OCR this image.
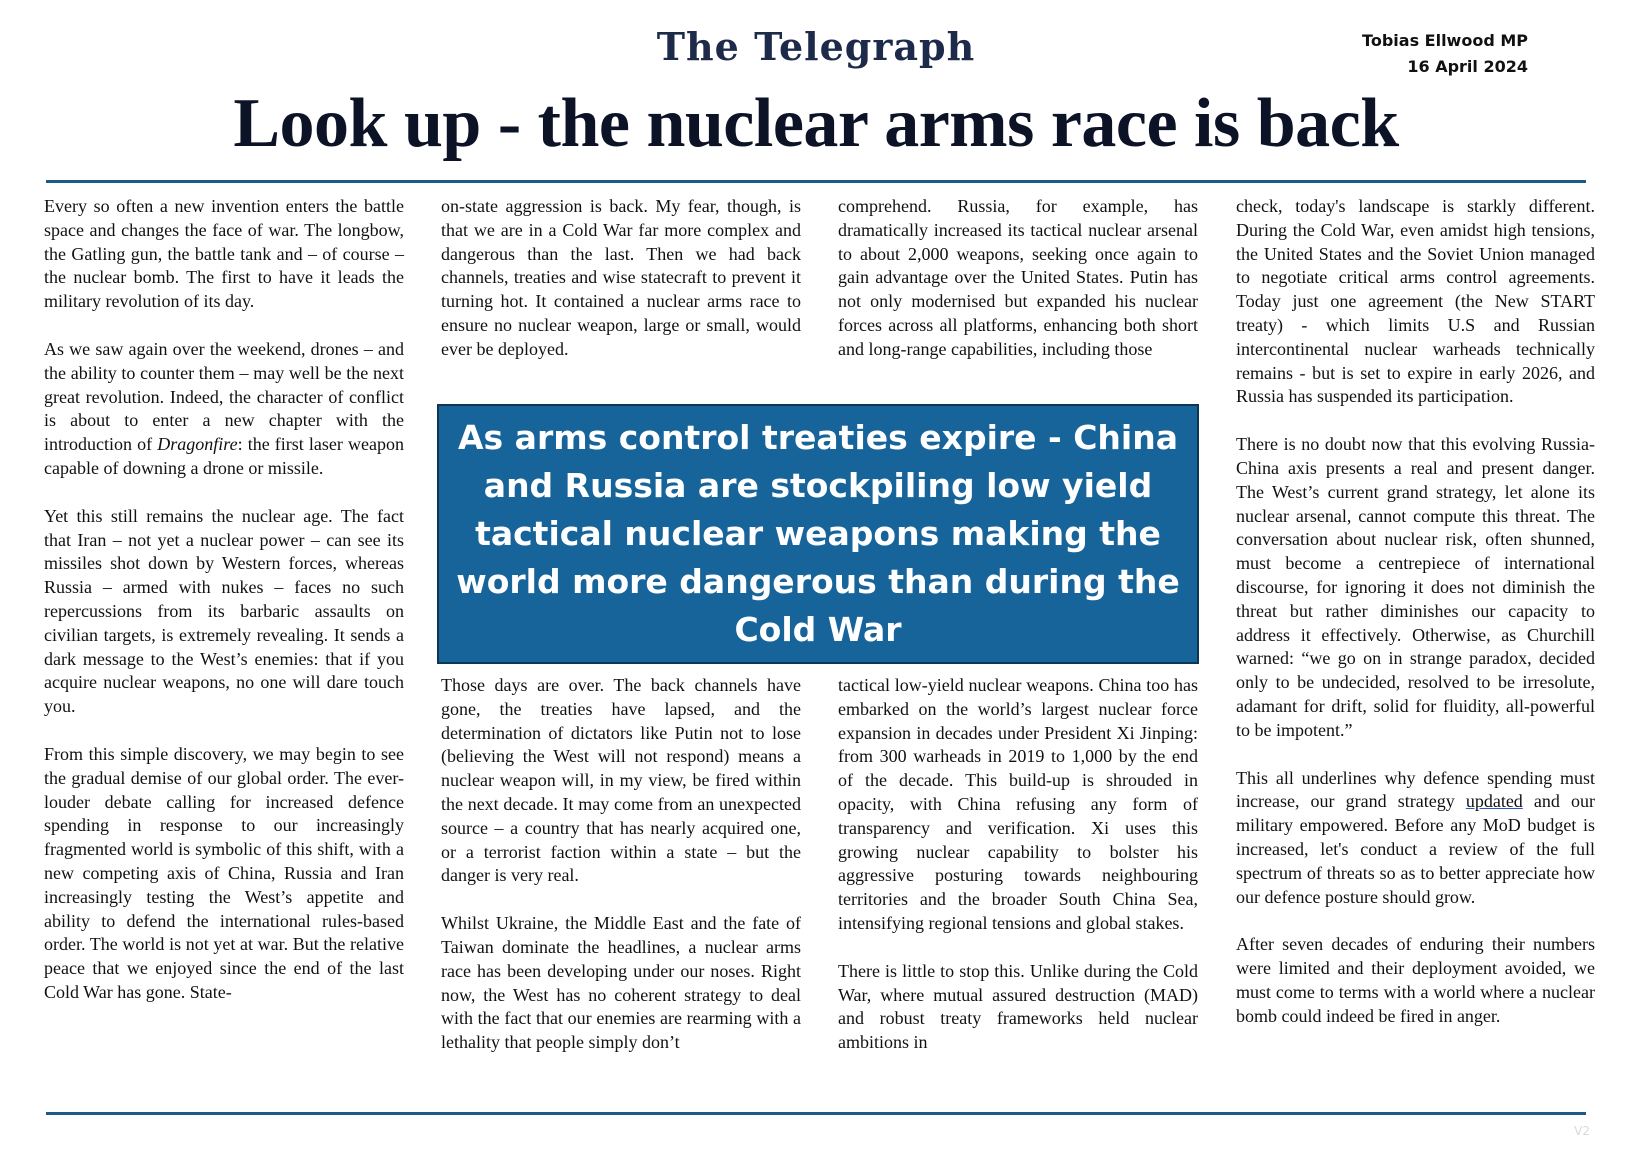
The Telegraph	Tobias Ellwood MP
16 April 2024
Look up - the nuclear arms race is back

Every so often a new invention enters the battle space and changes the face of war. The longbow, the Gatling gun, the battle tank and – of course – the nuclear bomb. The first to have it leads the military revolution of its day.

As we saw again over the weekend, drones – and the ability to counter them – may well be the next great revolution. Indeed, the character of conflict is about to enter a new chapter with the introduction of Dragonfire: the first laser weapon capable of downing a drone or missile.

Yet this still remains the nuclear age. The fact that Iran – not yet a nuclear power – can see its missiles shot down by Western forces, whereas Russia – armed with nukes – faces no such repercussions from its barbaric assaults on civilian targets, is extremely revealing. It sends a dark message to the West’s enemies: that if you acquire nuclear weapons, no one will dare touch you.

From this simple discovery, we may begin to see the gradual demise of our global order. The ever-louder debate calling for increased defence spending in response to our increasingly fragmented world is symbolic of this shift, with a new competing axis of China, Russia and Iran increasingly testing the West’s appetite and ability to defend the international rules-based order. The world is not yet at war. But the relative peace that we enjoyed since the end of the last Cold War has gone. State-

on-state aggression is back. My fear, though, is that we are in a Cold War far more complex and dangerous than the last. Then we had back channels, treaties and wise statecraft to prevent it turning hot. It contained a nuclear arms race to ensure no nuclear weapon, large or small, would ever be deployed.

comprehend. Russia, for example, has dramatically increased its tactical nuclear arsenal to about 2,000 weapons, seeking once again to gain advantage over the United States. Putin has not only modernised but expanded his nuclear forces across all platforms, enhancing both short and long-range capabilities, including those

As arms control treaties expire - China and Russia are stockpiling low yield tactical nuclear weapons making the world more dangerous than during the Cold War

Those days are over. The back channels have gone, the treaties have lapsed, and the determination of dictators like Putin not to lose (believing the West will not respond) means a nuclear weapon will, in my view, be fired within the next decade. It may come from an unexpected source – a country that has nearly acquired one, or a terrorist faction within a state – but the danger is very real.

Whilst Ukraine, the Middle East and the fate of Taiwan dominate the headlines, a nuclear arms race has been developing under our noses. Right now, the West has no coherent strategy to deal with the fact that our enemies are rearming with a lethality that people simply don’t

tactical low-yield nuclear weapons. China too has embarked on the world’s largest nuclear force expansion in decades under President Xi Jinping: from 300 warheads in 2019 to 1,000 by the end of the decade. This build-up is shrouded in opacity, with China refusing any form of transparency and verification. Xi uses this growing nuclear capability to bolster his aggressive posturing towards neighbouring territories and the broader South China Sea, intensifying regional tensions and global stakes.

There is little to stop this. Unlike during the Cold War, where mutual assured destruction (MAD) and robust treaty frameworks held nuclear ambitions in

check, today's landscape is starkly different. During the Cold War, even amidst high tensions, the United States and the Soviet Union managed to negotiate critical arms control agreements. Today just one agreement (the New START treaty) - which limits U.S and Russian intercontinental nuclear warheads technically remains - but is set to expire in early 2026, and Russia has suspended its participation.

There is no doubt now that this evolving Russia-China axis presents a real and present danger. The West’s current grand strategy, let alone its nuclear arsenal, cannot compute this threat. The conversation about nuclear risk, often shunned, must become a centrepiece of international discourse, for ignoring it does not diminish the threat but rather diminishes our capacity to address it effectively. Otherwise, as Churchill warned: “we go on in strange paradox, decided only to be undecided, resolved to be irresolute, adamant for drift, solid for fluidity, all-powerful to be impotent.”

This all underlines why defence spending must increase, our grand strategy updated and our military empowered. Before any MoD budget is increased, let's conduct a review of the full spectrum of threats so as to better appreciate how our defence posture should grow.

After seven decades of enduring their numbers were limited and their deployment avoided, we must come to terms with a world where a nuclear bomb could indeed be fired in anger.

V2
